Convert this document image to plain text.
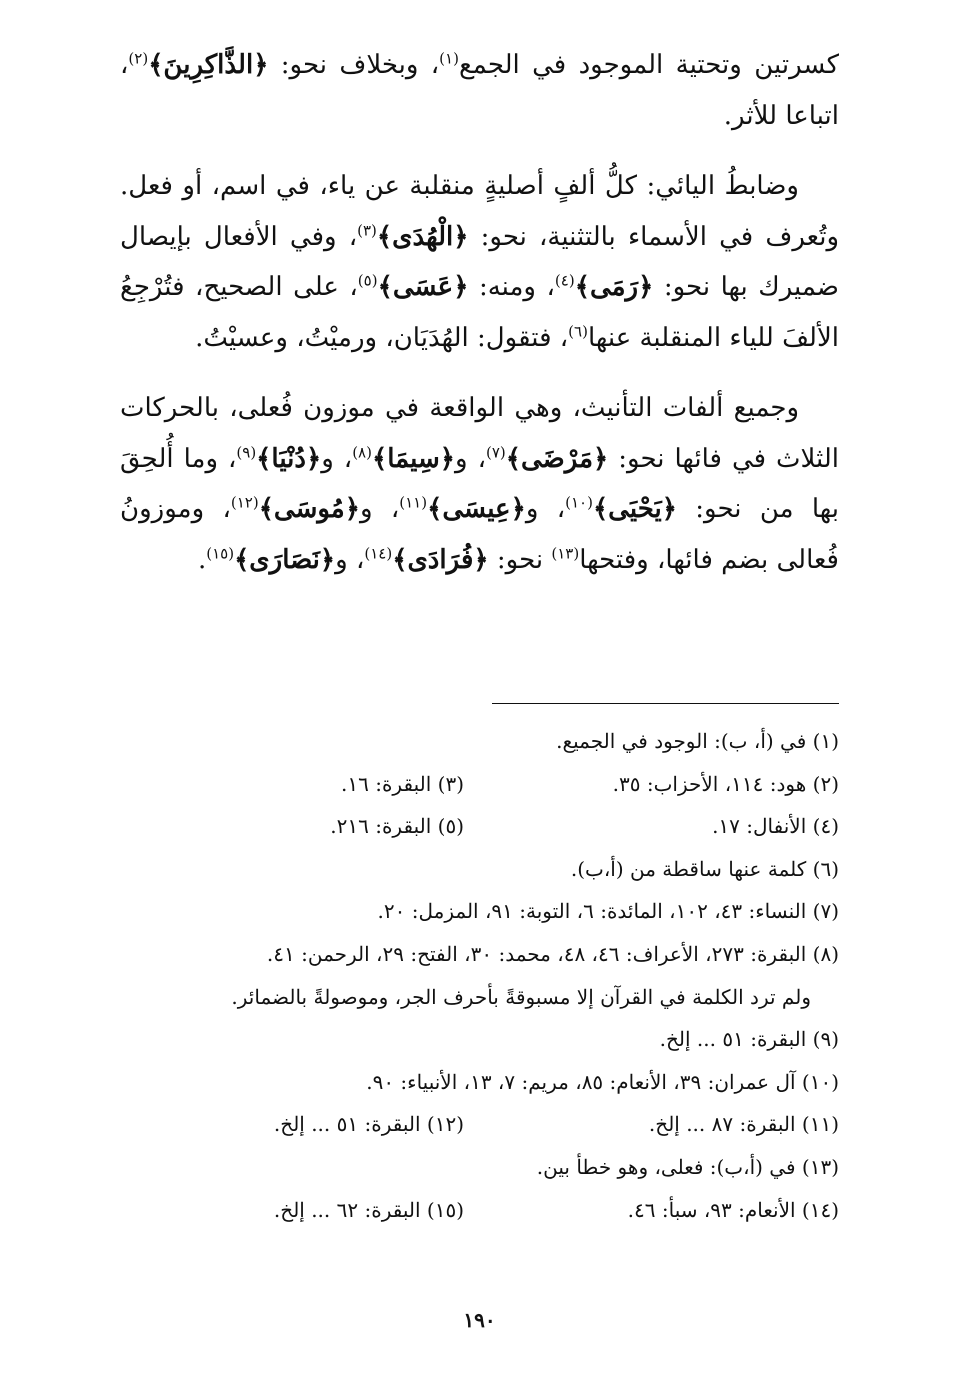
كسرتين وتحتية الموجود في الجمع$^{(١)}$، وبخلاف نحو: ﴿الذَّاكِرِينَ﴾$^{(٢)}$، اتباعا للأثر.

وضابطُ اليائي: كلُّ ألفٍ أصليةٍ منقلبة عن ياء، في اسم، أو فعل. وتُعرف في الأسماء بالتثنية، نحو: ﴿الْهُدَى﴾$^{(٣)}$، وفي الأفعال بإيصال ضميرك بها نحو: ﴿رَمَى﴾$^{(٤)}$، ومنه: ﴿عَسَى﴾$^{(٥)}$، على الصحيح، فتُرْجِعُ الألفَ للياء المنقلبة عنها$^{(٦)}$، فتقول: الهُدَيَان، ورميْتُ، وعسيْتُ.

وجميع ألفات التأنيث، وهي الواقعة في موزون فُعلى، بالحركات الثلاث في فائها نحو: ﴿مَرْضَى﴾$^{(٧)}$، و﴿سِيمَا﴾$^{(٨)}$، و﴿دُنْيَا﴾$^{(٩)}$، وما أُلحِقَ بها من نحو: ﴿يَحْيَى﴾$^{(١٠)}$، و﴿عِيسَى﴾$^{(١١)}$، و﴿مُوسَى﴾$^{(١٢)}$، وموزونُ فُعالى بضم فائها، وفتحها$^{(١٣)}$ نحو: ﴿فُرَادَى﴾$^{(١٤)}$، و﴿نَصَارَى﴾$^{(١٥)}$.

(١) في (أ، ب): الوجود في الجميع.
(٢) هود: ١١٤، الأحزاب: ٣٥.
(٣) البقرة: ١٦.
(٤) الأنفال: ١٧.
(٥) البقرة: ٢١٦.
(٦) كلمة عنها ساقطة من (أ،ب).
(٧) النساء: ٤٣، ١٠٢، المائدة: ٦، التوبة: ٩١، المزمل: ٢٠.
(٨) البقرة: ٢٧٣، الأعراف: ٤٦، ٤٨، محمد: ٣٠، الفتح: ٢٩، الرحمن: ٤١.
ولم ترد الكلمة في القرآن إلا مسبوقةً بأحرف الجر، وموصولةً بالضمائر.
(٩) البقرة: ٥١ ... إلخ.
(١٠) آل عمران: ٣٩، الأنعام: ٨٥، مريم: ٧، ١٣، الأنبياء: ٩٠.
(١١) البقرة: ٨٧ ... إلخ.
(١٢) البقرة: ٥١ ... إلخ.
(١٣) في (أ،ب): فعلى، وهو خطأ بين.
(١٤) الأنعام: ٩٣، سبأ: ٤٦.
(١٥) البقرة: ٦٢ ... إلخ.
١٩٠
